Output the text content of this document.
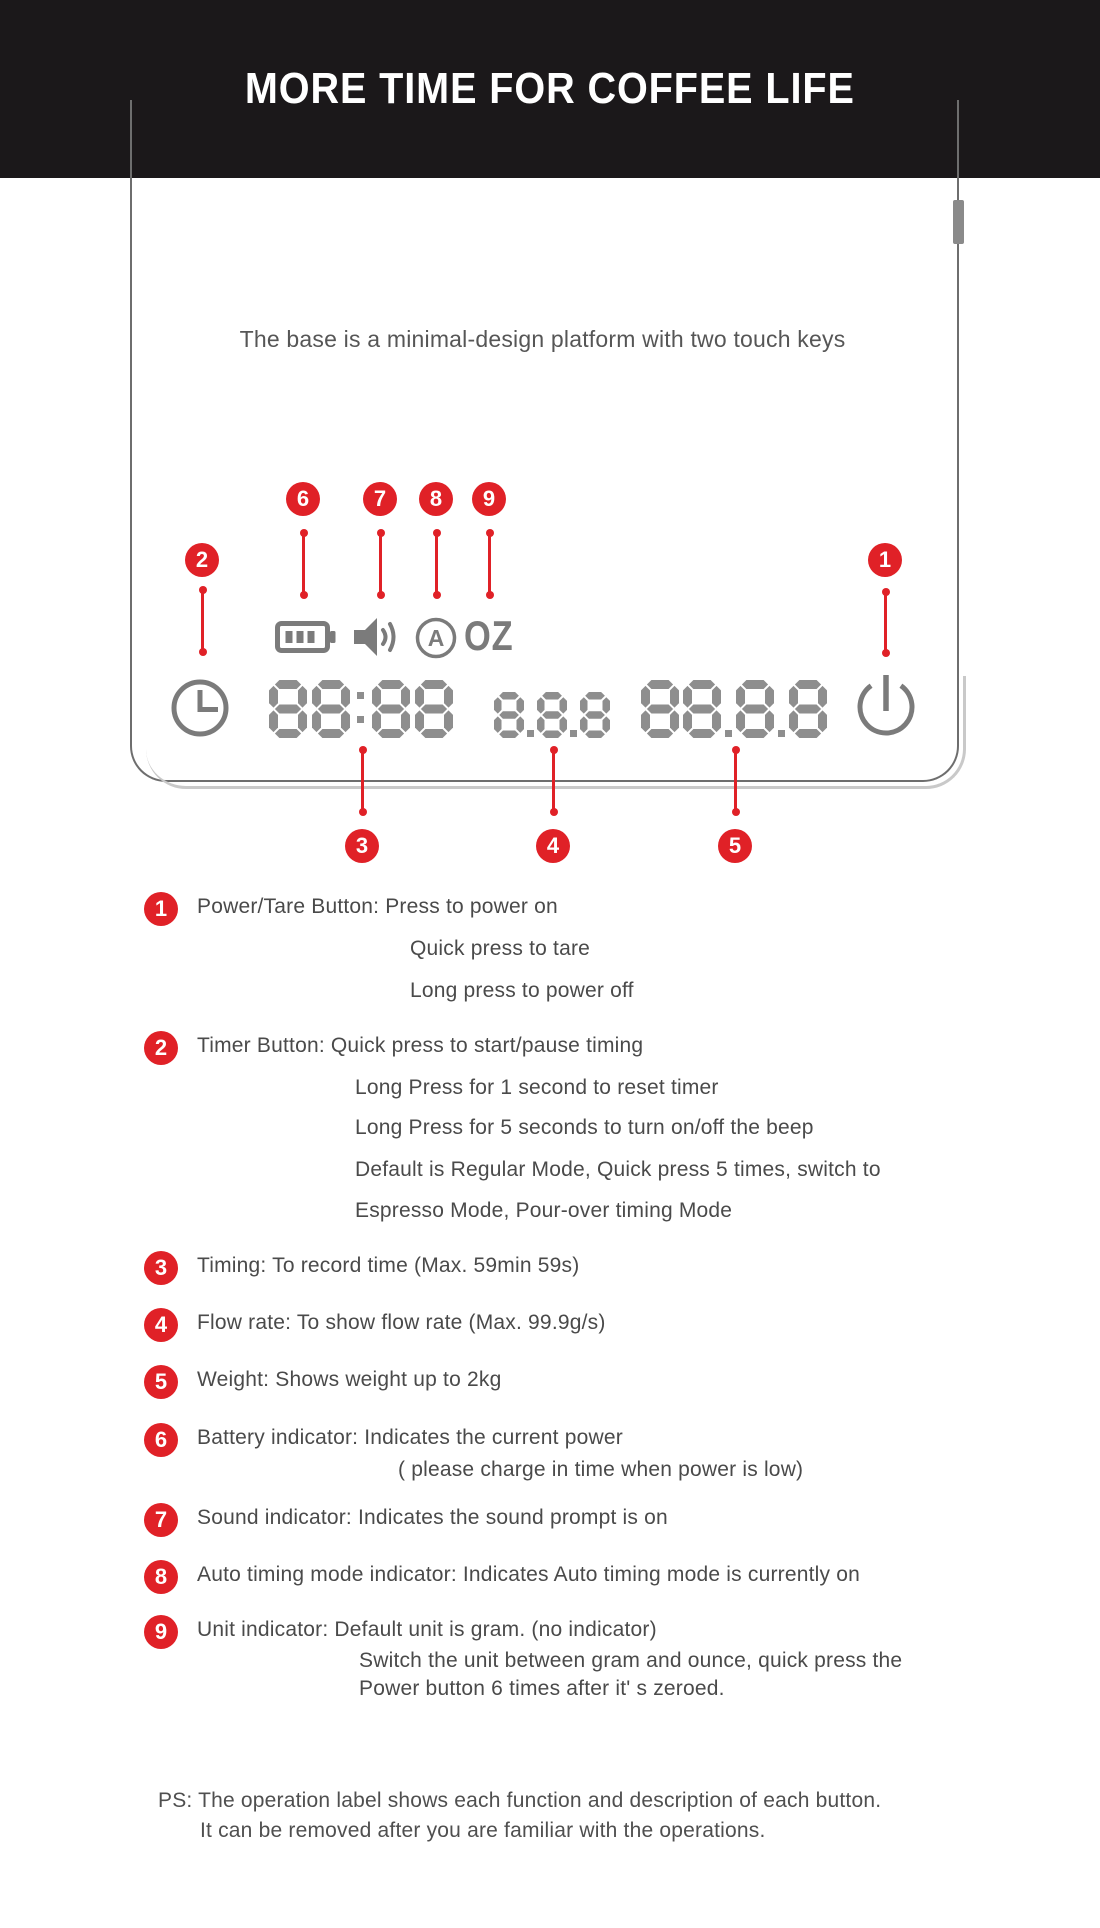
MORE TIME FOR COFFEE LIFE
The base is a minimal-design platform with two touch keys
1
2
3	4	5
6	7	8	9
A OZ
1
2
3
4
5
6
7
8
9
Power/Tare Button: Press to power on
Quick press to tare
Long press to power off
Timer Button: Quick press to start/pause timing
Long Press for 1 second to reset timer
Long Press for 5 seconds to turn on/off the beep
Default is Regular Mode, Quick press 5 times, switch to
Espresso Mode, Pour-over timing Mode
Timing: To record time (Max. 59min 59s)
Flow rate: To show flow rate (Max. 99.9g/s)
Weight: Shows weight up to 2kg
Battery indicator: Indicates the current power
( please charge in time when power is low)
Sound indicator: Indicates the sound prompt is on
Auto timing mode indicator: Indicates Auto timing mode is currently on
Unit indicator: Default unit is gram. (no indicator)
Switch the unit between gram and ounce, quick press the
Power button 6 times after it' s zeroed.
PS: The operation label shows each function and description of each button.
It can be removed after you are familiar with the operations.
